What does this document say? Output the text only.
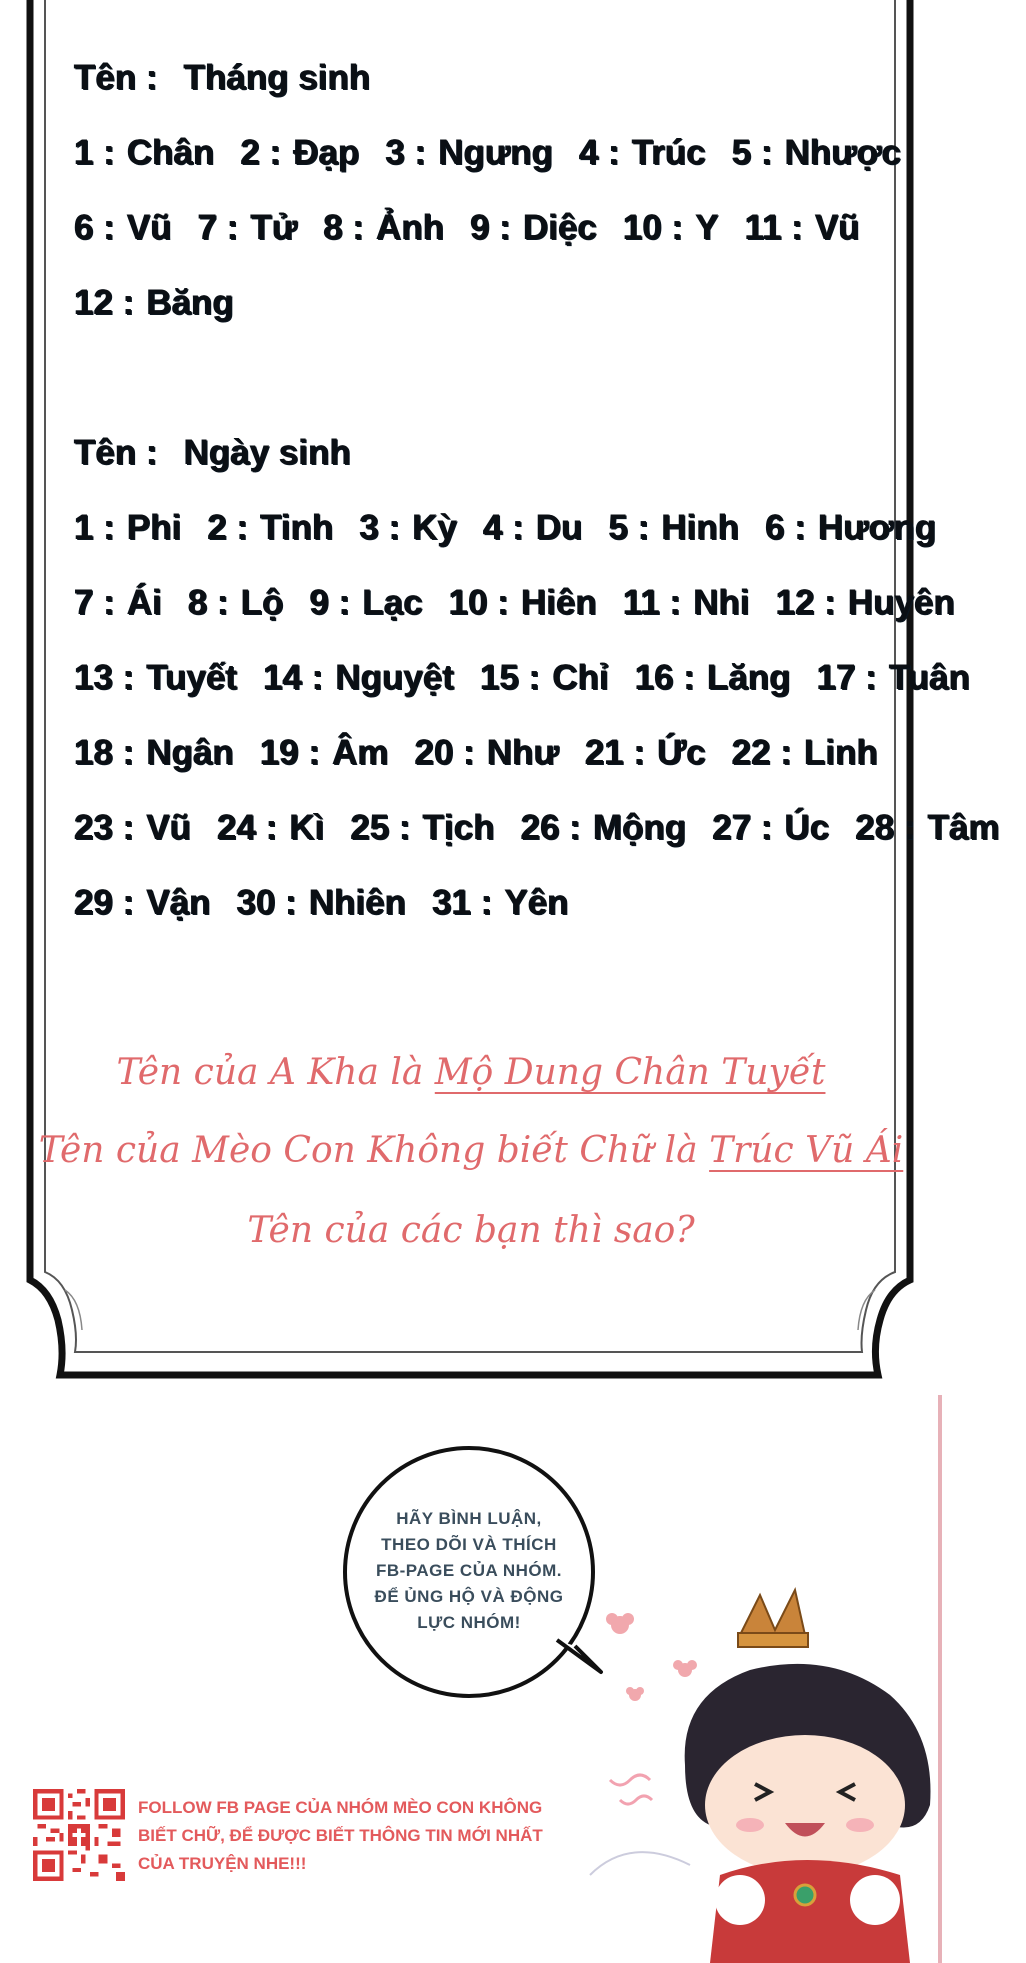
Tên : Tháng sinh
1 : Chân 2 : Đạp 3 : Ngưng 4 : Trúc 5 : Nhược
6 : Vũ 7 : Tử 8 : Ảnh 9 : Diệc 10 : Y 11 : Vũ
12 : Băng
Tên : Ngày sinh
1 : Phi 2 : Tinh 3 : Kỳ 4 : Du 5 : Hinh 6 : Hương
7 : Ái 8 : Lộ 9 : Lạc 10 : Hiên 11 : Nhi 12 : Huyên
13 : Tuyết 14 : Nguyệt 15 : Chỉ 16 : Lăng 17 : Tuân
18 : Ngân 19 : Âm 20 : Như 21 : Ức 22 : Linh
23 : Vũ 24 : Kì 25 : Tịch 26 : Mộng 27 : Úc 28 : Tâm
29 : Vận 30 : Nhiên 31 : Yên
Tên của A Kha là Mộ Dung Chân Tuyết
Tên của Mèo Con Không biết Chữ là Trúc Vũ Ái
Tên của các bạn thì sao?
HÃY BÌNH LUẬN,
THEO DÕI VÀ THÍCH
FB-PAGE CỦA NHÓM.
ĐỂ ỦNG HỘ VÀ ĐỘNG
LỰC NHÓM!
FOLLOW FB PAGE CỦA NHÓM MÈO CON KHÔNG
BIẾT CHỮ, ĐỂ ĐƯỢC BIẾT THÔNG TIN MỚI NHẤT
CỦA TRUYỆN NHE!!!
